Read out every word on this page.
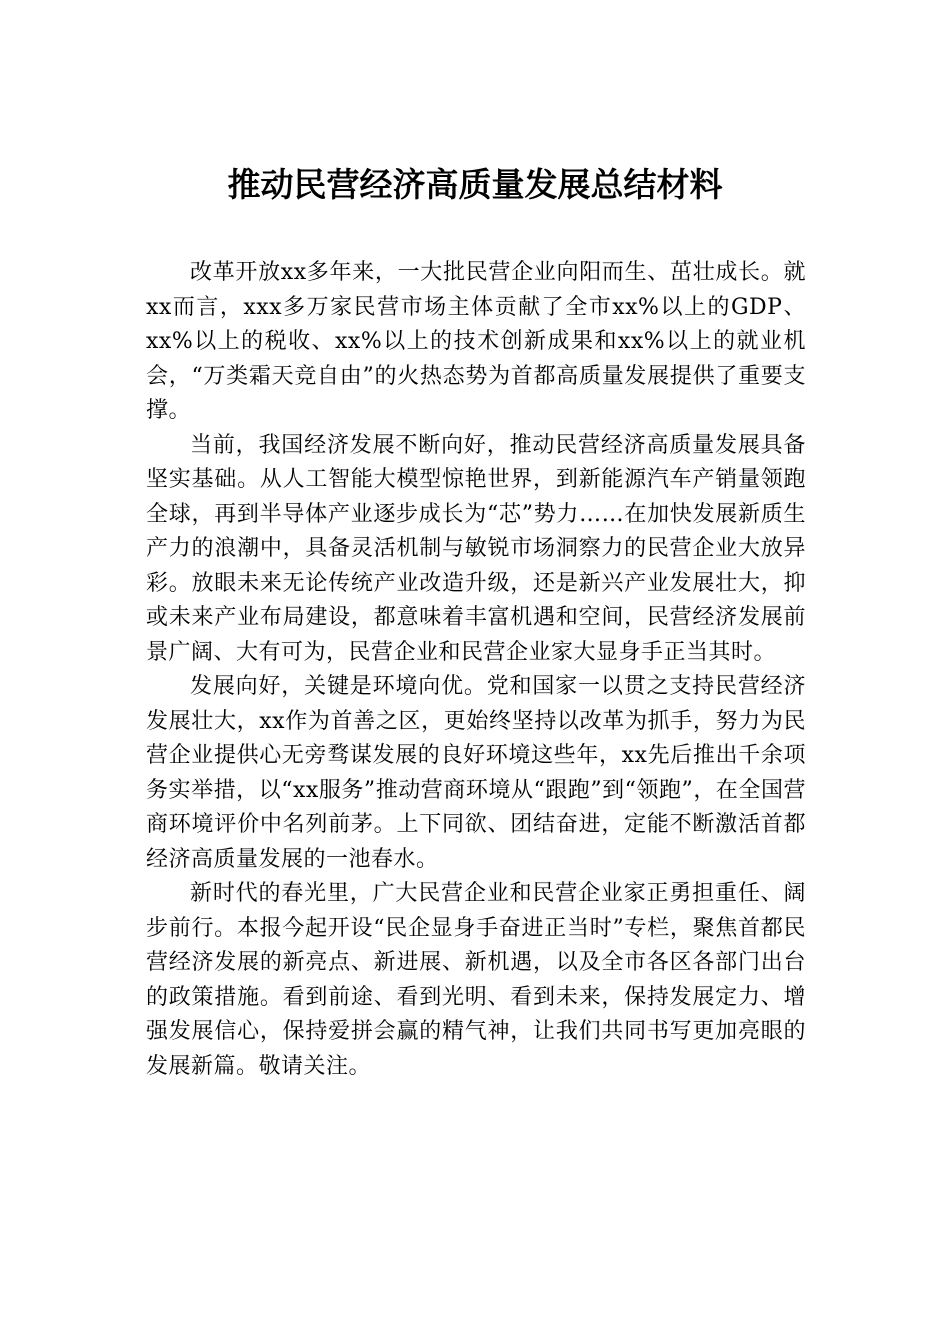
推动民营经济高质量发展总结材料

改革开放xx多年来，一大批民营企业向阳而生、茁壮成长。就xx而言，xxx多万家民营市场主体贡献了全市xx%以上的GDP、xx%以上的税收、xx%以上的技术创新成果和xx%以上的就业机会，“万类霜天竞自由”的火热态势为首都高质量发展提供了重要支撑。

当前，我国经济发展不断向好，推动民营经济高质量发展具备坚实基础。从人工智能大模型惊艳世界，到新能源汽车产销量领跑全球，再到半导体产业逐步成长为“芯”势力……在加快发展新质生产力的浪潮中，具备灵活机制与敏锐市场洞察力的民营企业大放异彩。放眼未来无论传统产业改造升级，还是新兴产业发展壮大，抑或未来产业布局建设，都意味着丰富机遇和空间，民营经济发展前景广阔、大有可为，民营企业和民营企业家大显身手正当其时。

发展向好，关键是环境向优。党和国家一以贯之支持民营经济发展壮大，xx作为首善之区，更始终坚持以改革为抓手，努力为民营企业提供心无旁骛谋发展的良好环境这些年，xx先后推出千余项务实举措，以“xx服务”推动营商环境从“跟跑”到“领跑”，在全国营商环境评价中名列前茅。上下同欲、团结奋进，定能不断激活首都经济高质量发展的一池春水。

新时代的春光里，广大民营企业和民营企业家正勇担重任、阔步前行。本报今起开设“民企显身手奋进正当时”专栏，聚焦首都民营经济发展的新亮点、新进展、新机遇，以及全市各区各部门出台的政策措施。看到前途、看到光明、看到未来，保持发展定力、增强发展信心，保持爱拼会赢的精气神，让我们共同书写更加亮眼的发展新篇。敬请关注。
